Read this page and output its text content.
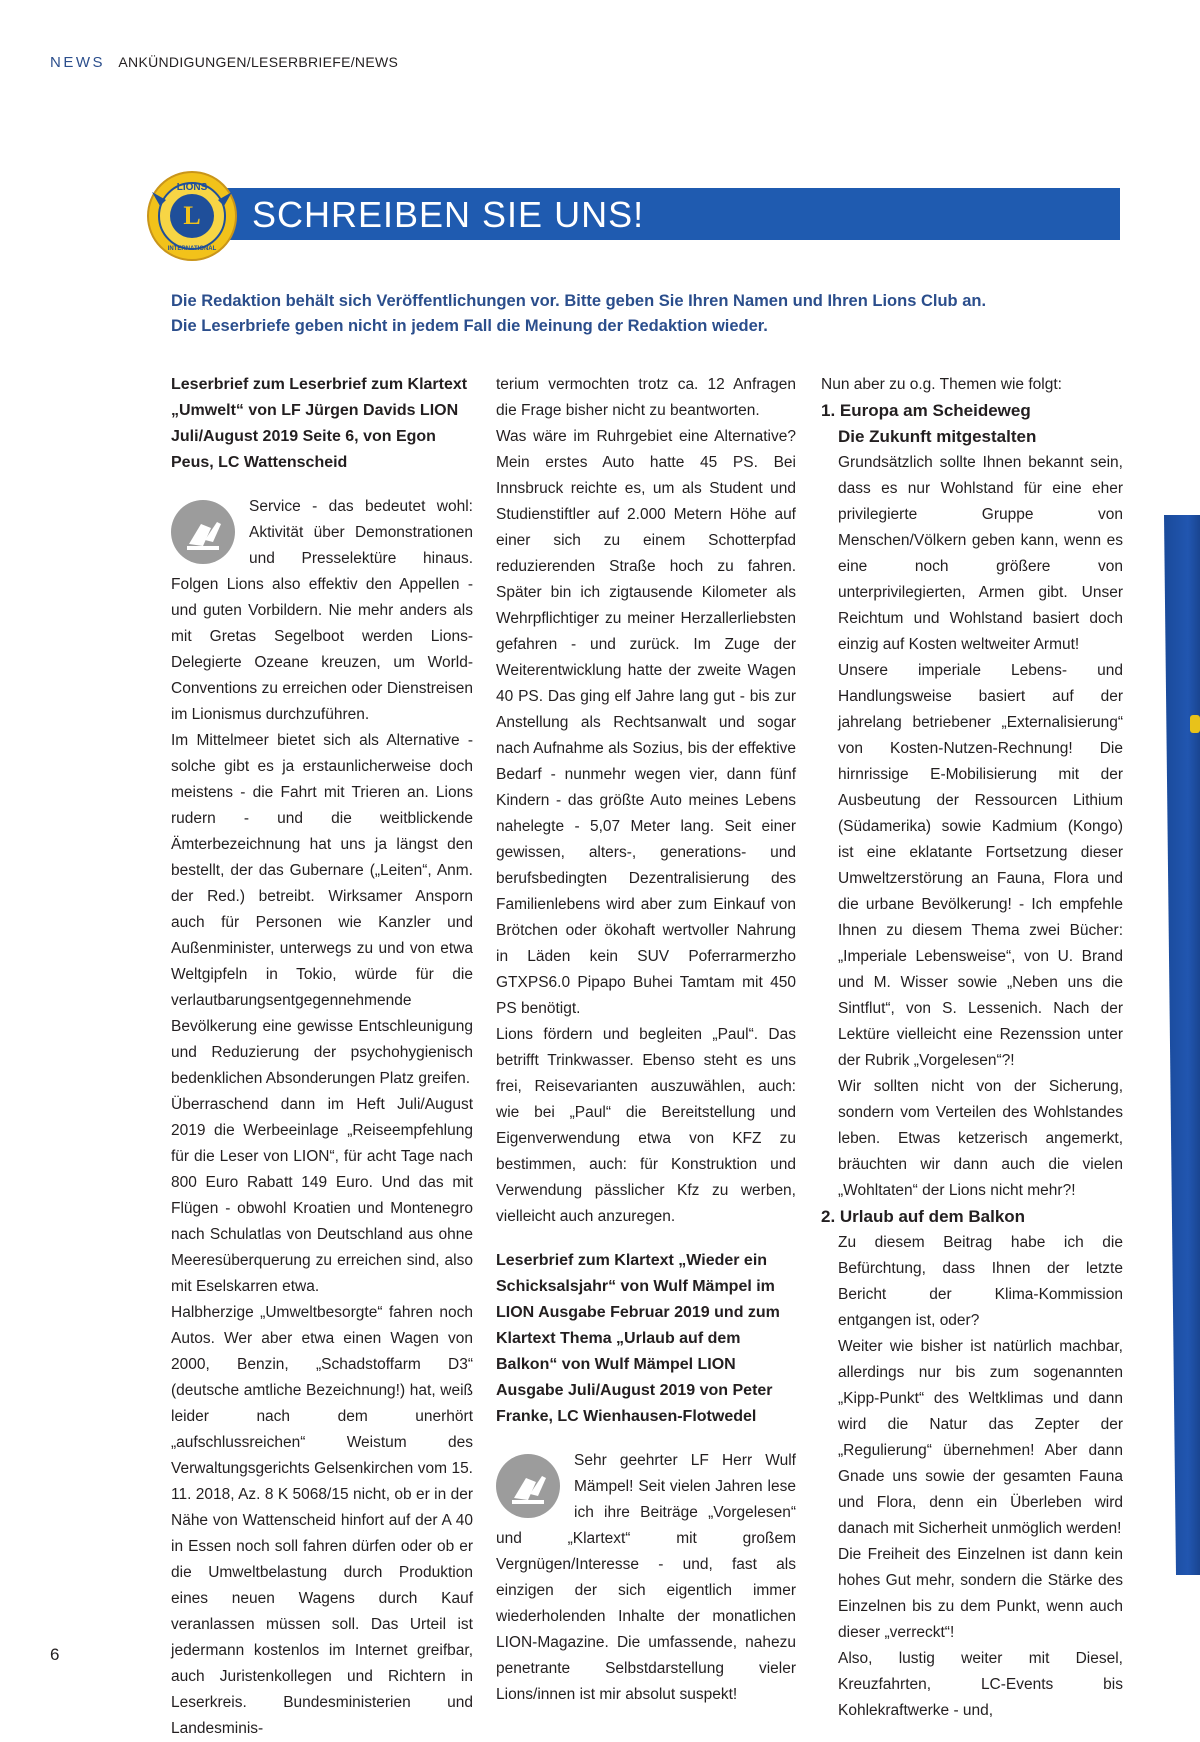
NEWS ANKÜNDIGUNGEN/LESERBRIEFE/NEWS
SCHREIBEN SIE UNS!
L
LIONS
INTERNATIONAL
Die Redaktion behält sich Veröffentlichungen vor. Bitte geben Sie Ihren Namen und Ihren Lions Club an.
Die Leserbriefe geben nicht in jedem Fall die Meinung der Redaktion wieder.

Leserbrief zum Leserbrief zum Klartext „Umwelt“ von LF Jürgen Davids LION Juli/August 2019 Seite 6, von Egon Peus, LC Wattenscheid

Service - das bedeutet wohl: Aktivität über Demonstrationen und Presselektüre hinaus. Folgen Lions also effektiv den Appellen - und guten Vorbildern. Nie mehr anders als mit Gretas Segelboot werden Lions-Delegierte Ozeane kreuzen, um World-Conventions zu erreichen oder Dienstreisen im Lionismus durchzuführen.

Im Mittelmeer bietet sich als Alternative - solche gibt es ja erstaunlicherweise doch meistens - die Fahrt mit Trieren an. Lions rudern - und die weitblickende Ämterbezeichnung hat uns ja längst den bestellt, der das Gubernare („Leiten“, Anm. der Red.) betreibt. Wirksamer Ansporn auch für Personen wie Kanzler und Außenminister, unterwegs zu und von etwa Weltgipfeln in Tokio, würde für die verlautbarungsentgegennehmende Bevölkerung eine gewisse Entschleunigung und Reduzierung der psychohygienisch bedenklichen Absonderungen Platz greifen.

Überraschend dann im Heft Juli/August 2019 die Werbeeinlage „Reiseempfehlung für die Leser von LION“, für acht Tage nach 800 Euro Rabatt 149 Euro. Und das mit Flügen - obwohl Kroatien und Montenegro nach Schulatlas von Deutschland aus ohne Meeresüberquerung zu erreichen sind, also mit Eselskarren etwa.

Halbherzige „Umweltbesorgte“ fahren noch Autos. Wer aber etwa einen Wagen von 2000, Benzin, „Schadstoffarm D3“ (deutsche amtliche Bezeichnung!) hat, weiß leider nach dem unerhört „aufschlussreichen“ Weistum des Verwaltungsgerichts Gelsenkirchen vom 15. 11. 2018, Az. 8 K 5068/15 nicht, ob er in der Nähe von Wattenscheid hinfort auf der A 40 in Essen noch soll fahren dürfen oder ob er die Umweltbelastung durch Produktion eines neuen Wagens durch Kauf veranlassen müssen soll. Das Urteil ist jedermann kostenlos im Internet greifbar, auch Juristenkollegen und Richtern in Leserkreis. Bundesministerien und Landesminis-

terium vermochten trotz ca. 12 Anfragen die Frage bisher nicht zu beantworten.

Was wäre im Ruhrgebiet eine Alternative? Mein erstes Auto hatte 45 PS. Bei Innsbruck reichte es, um als Student und Studienstiftler auf 2.000 Metern Höhe auf einer sich zu einem Schotterpfad reduzierenden Straße hoch zu fahren. Später bin ich zigtausende Kilometer als Wehrpflichtiger zu meiner Herzallerliebsten gefahren - und zurück. Im Zuge der Weiterentwicklung hatte der zweite Wagen 40 PS. Das ging elf Jahre lang gut - bis zur Anstellung als Rechtsanwalt und sogar nach Aufnahme als Sozius, bis der effektive Bedarf - nunmehr wegen vier, dann fünf Kindern - das größte Auto meines Lebens nahelegte - 5,07 Meter lang. Seit einer gewissen, alters-, generations- und berufsbedingten Dezentralisierung des Familienlebens wird aber zum Einkauf von Brötchen oder ökohaft wertvoller Nahrung in Läden kein SUV Poferrarmerzho GTXPS6.0 Pipapo Buhei Tamtam mit 450 PS benötigt.

Lions fördern und begleiten „Paul“. Das betrifft Trinkwasser. Ebenso steht es uns frei, Reisevarianten auszuwählen, auch: wie bei „Paul“ die Bereitstellung und Eigenverwendung etwa von KFZ zu bestimmen, auch: für Konstruktion und Verwendung pässlicher Kfz zu werben, vielleicht auch anzuregen.

Leserbrief zum Klartext „Wieder ein Schicksalsjahr“ von Wulf Mämpel im LION Ausgabe Februar 2019 und zum Klartext Thema „Urlaub auf dem Balkon“ von Wulf Mämpel LION Ausgabe Juli/August 2019 von Peter Franke, LC Wienhausen-Flotwedel

Sehr geehrter LF Herr Wulf Mämpel! Seit vielen Jahren lese ich ihre Beiträge „Vorgelesen“ und „Klartext“ mit großem Vergnügen/Interesse - und, fast als einzigen der sich eigentlich immer wiederholenden Inhalte der monatlichen LION-Magazine. Die umfassende, nahezu penetrante Selbstdarstellung vieler Lions/innen ist mir absolut suspekt!

Nun aber zu o.g. Themen wie folgt:

1. Europa am Scheideweg

Die Zukunft mitgestalten

Grundsätzlich sollte Ihnen bekannt sein, dass es nur Wohlstand für eine eher privilegierte Gruppe von Menschen/Völkern geben kann, wenn es eine noch größere von unterprivilegierten, Armen gibt. Unser Reichtum und Wohlstand basiert doch einzig auf Kosten weltweiter Armut!

Unsere imperiale Lebens- und Handlungsweise basiert auf der jahrelang betriebener „Externalisierung“ von Kosten-Nutzen-Rechnung! Die hirnrissige E-Mobilisierung mit der Ausbeutung der Ressourcen Lithium (Südamerika) sowie Kadmium (Kongo) ist eine eklatante Fortsetzung dieser Umweltzerstörung an Fauna, Flora und die urbane Bevölkerung! - Ich empfehle Ihnen zu diesem Thema zwei Bücher: „Imperiale Lebensweise“, von U. Brand und M. Wisser sowie „Neben uns die Sintflut“, von S. Lessenich. Nach der Lektüre vielleicht eine Rezenssion unter der Rubrik „Vorgelesen“?!

Wir sollten nicht von der Sicherung, sondern vom Verteilen des Wohlstandes leben. Etwas ketzerisch angemerkt, bräuchten wir dann auch die vielen „Wohltaten“ der Lions nicht mehr?!

2. Urlaub auf dem Balkon

Zu diesem Beitrag habe ich die Befürchtung, dass Ihnen der letzte Bericht der Klima-Kommission entgangen ist, oder?

Weiter wie bisher ist natürlich machbar, allerdings nur bis zum sogenannten „Kipp-Punkt“ des Weltklimas und dann wird die Natur das Zepter der „Regulierung“ übernehmen! Aber dann Gnade uns sowie der gesamten Fauna und Flora, denn ein Überleben wird danach mit Sicherheit unmöglich werden!

Die Freiheit des Einzelnen ist dann kein hohes Gut mehr, sondern die Stärke des Einzelnen bis zu dem Punkt, wenn auch dieser „verreckt“!

Also, lustig weiter mit Diesel, Kreuzfahrten, LC-Events bis Kohlekraftwerke - und,

6
